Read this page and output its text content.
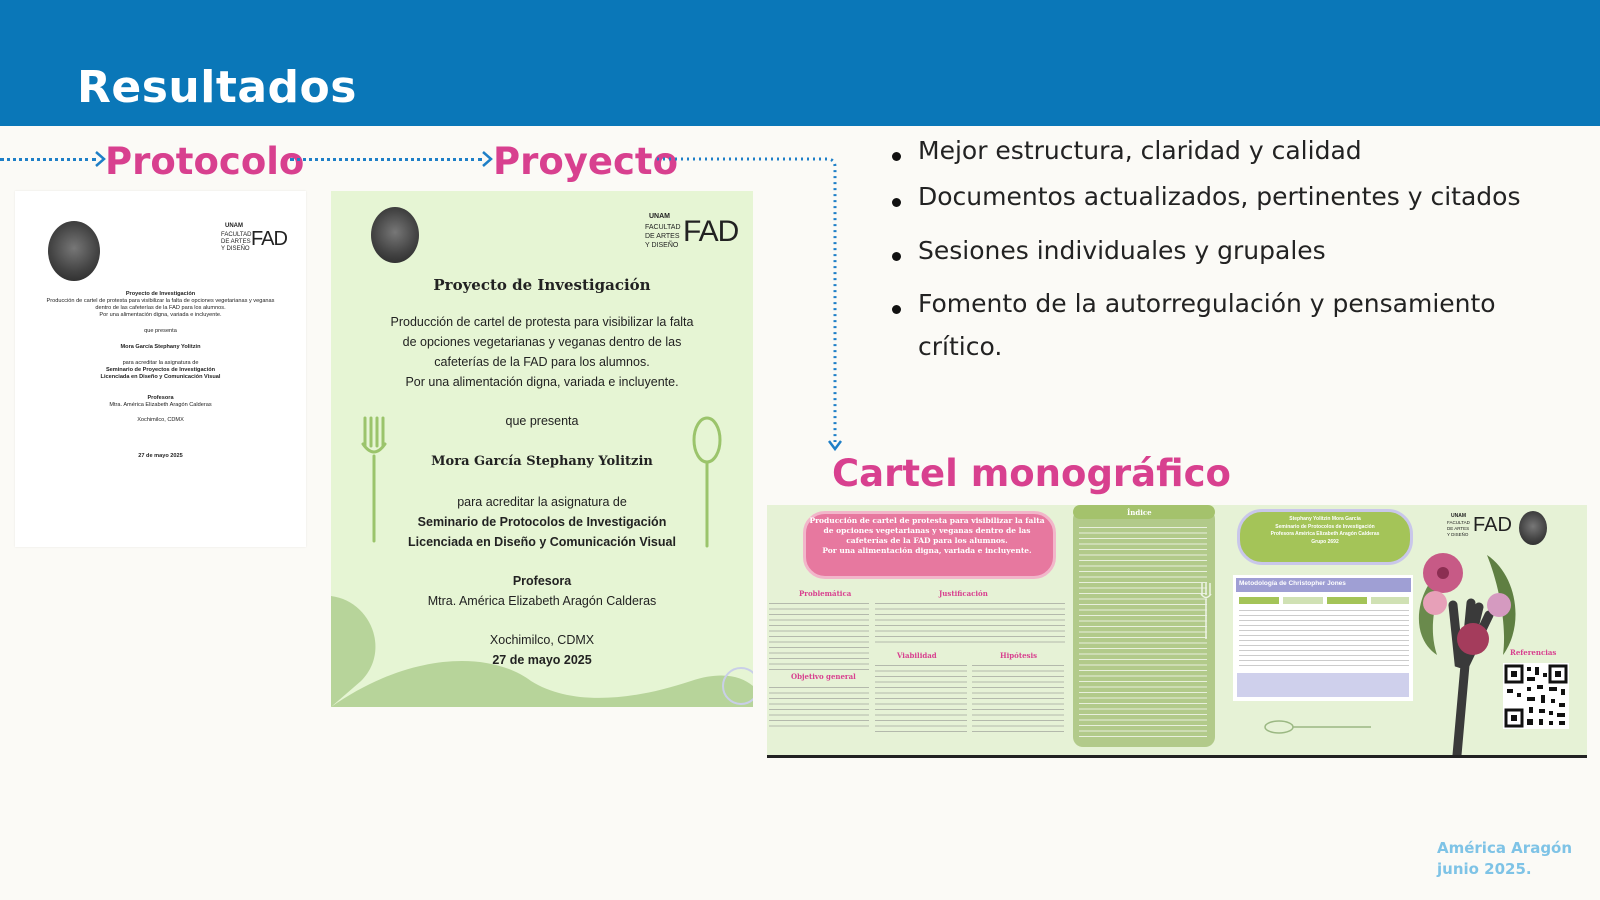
Resultados
Protocolo	Proyecto
Cartel monográfico
UNAM
FACULTAD
DE ARTES
Y DISEÑO FAD
Proyecto de Investigación
Producción de cartel de protesta para visibilizar la falta de opciones vegetarianas y veganas
dentro de las cafeterías de la FAD para los alumnos.
Por una alimentación digna, variada e incluyente.
que presenta
Mora García Stephany Yolitzin
para acreditar la asignatura de
Seminario de Proyectos de Investigación
Licenciada en Diseño y Comunicación Visual
Profesora
Mtra. América Elizabeth Aragón Calderas
Xochimilco, CDMX
27 de mayo 2025
UNAM
FACULTAD
DE ARTES
Y DISEÑO FAD
Proyecto de Investigación
Producción de cartel de protesta para visibilizar la falta
de opciones vegetarianas y veganas dentro de las
cafeterías de la FAD para los alumnos.
Por una alimentación digna, variada e incluyente.
que presenta
Mora García Stephany Yolitzin
para acreditar la asignatura de
Seminario de Protocolos de Investigación
Licenciada en Diseño y Comunicación Visual
Profesora
Mtra. América Elizabeth Aragón Calderas
Xochimilco, CDMX
27 de mayo 2025
Mejor estructura, claridad y calidad
Documentos actualizados, pertinentes y citados
Sesiones individuales y grupales
Fomento de la autorregulación y pensamiento
crítico.
Producción de cartel de protesta para visibilizar la falta
de opciones vegetarianas y veganas dentro de las
cafeterías de la FAD para los alumnos.
Por una alimentación digna, variada e incluyente.
Problemática	Justificación
Viabilidad	Hipótesis
Objetivo general
Índice
Stephany Yolitzin Mora García
Seminario de Protocolos de Investigación
Profesora América Elizabeth Aragón Calderas
Grupo 2692
Metodología de Christopher Jones
UNAM
FACULTAD
DE ARTES
Y DISEÑO FAD
Referencias
América Aragón
junio 2025.
